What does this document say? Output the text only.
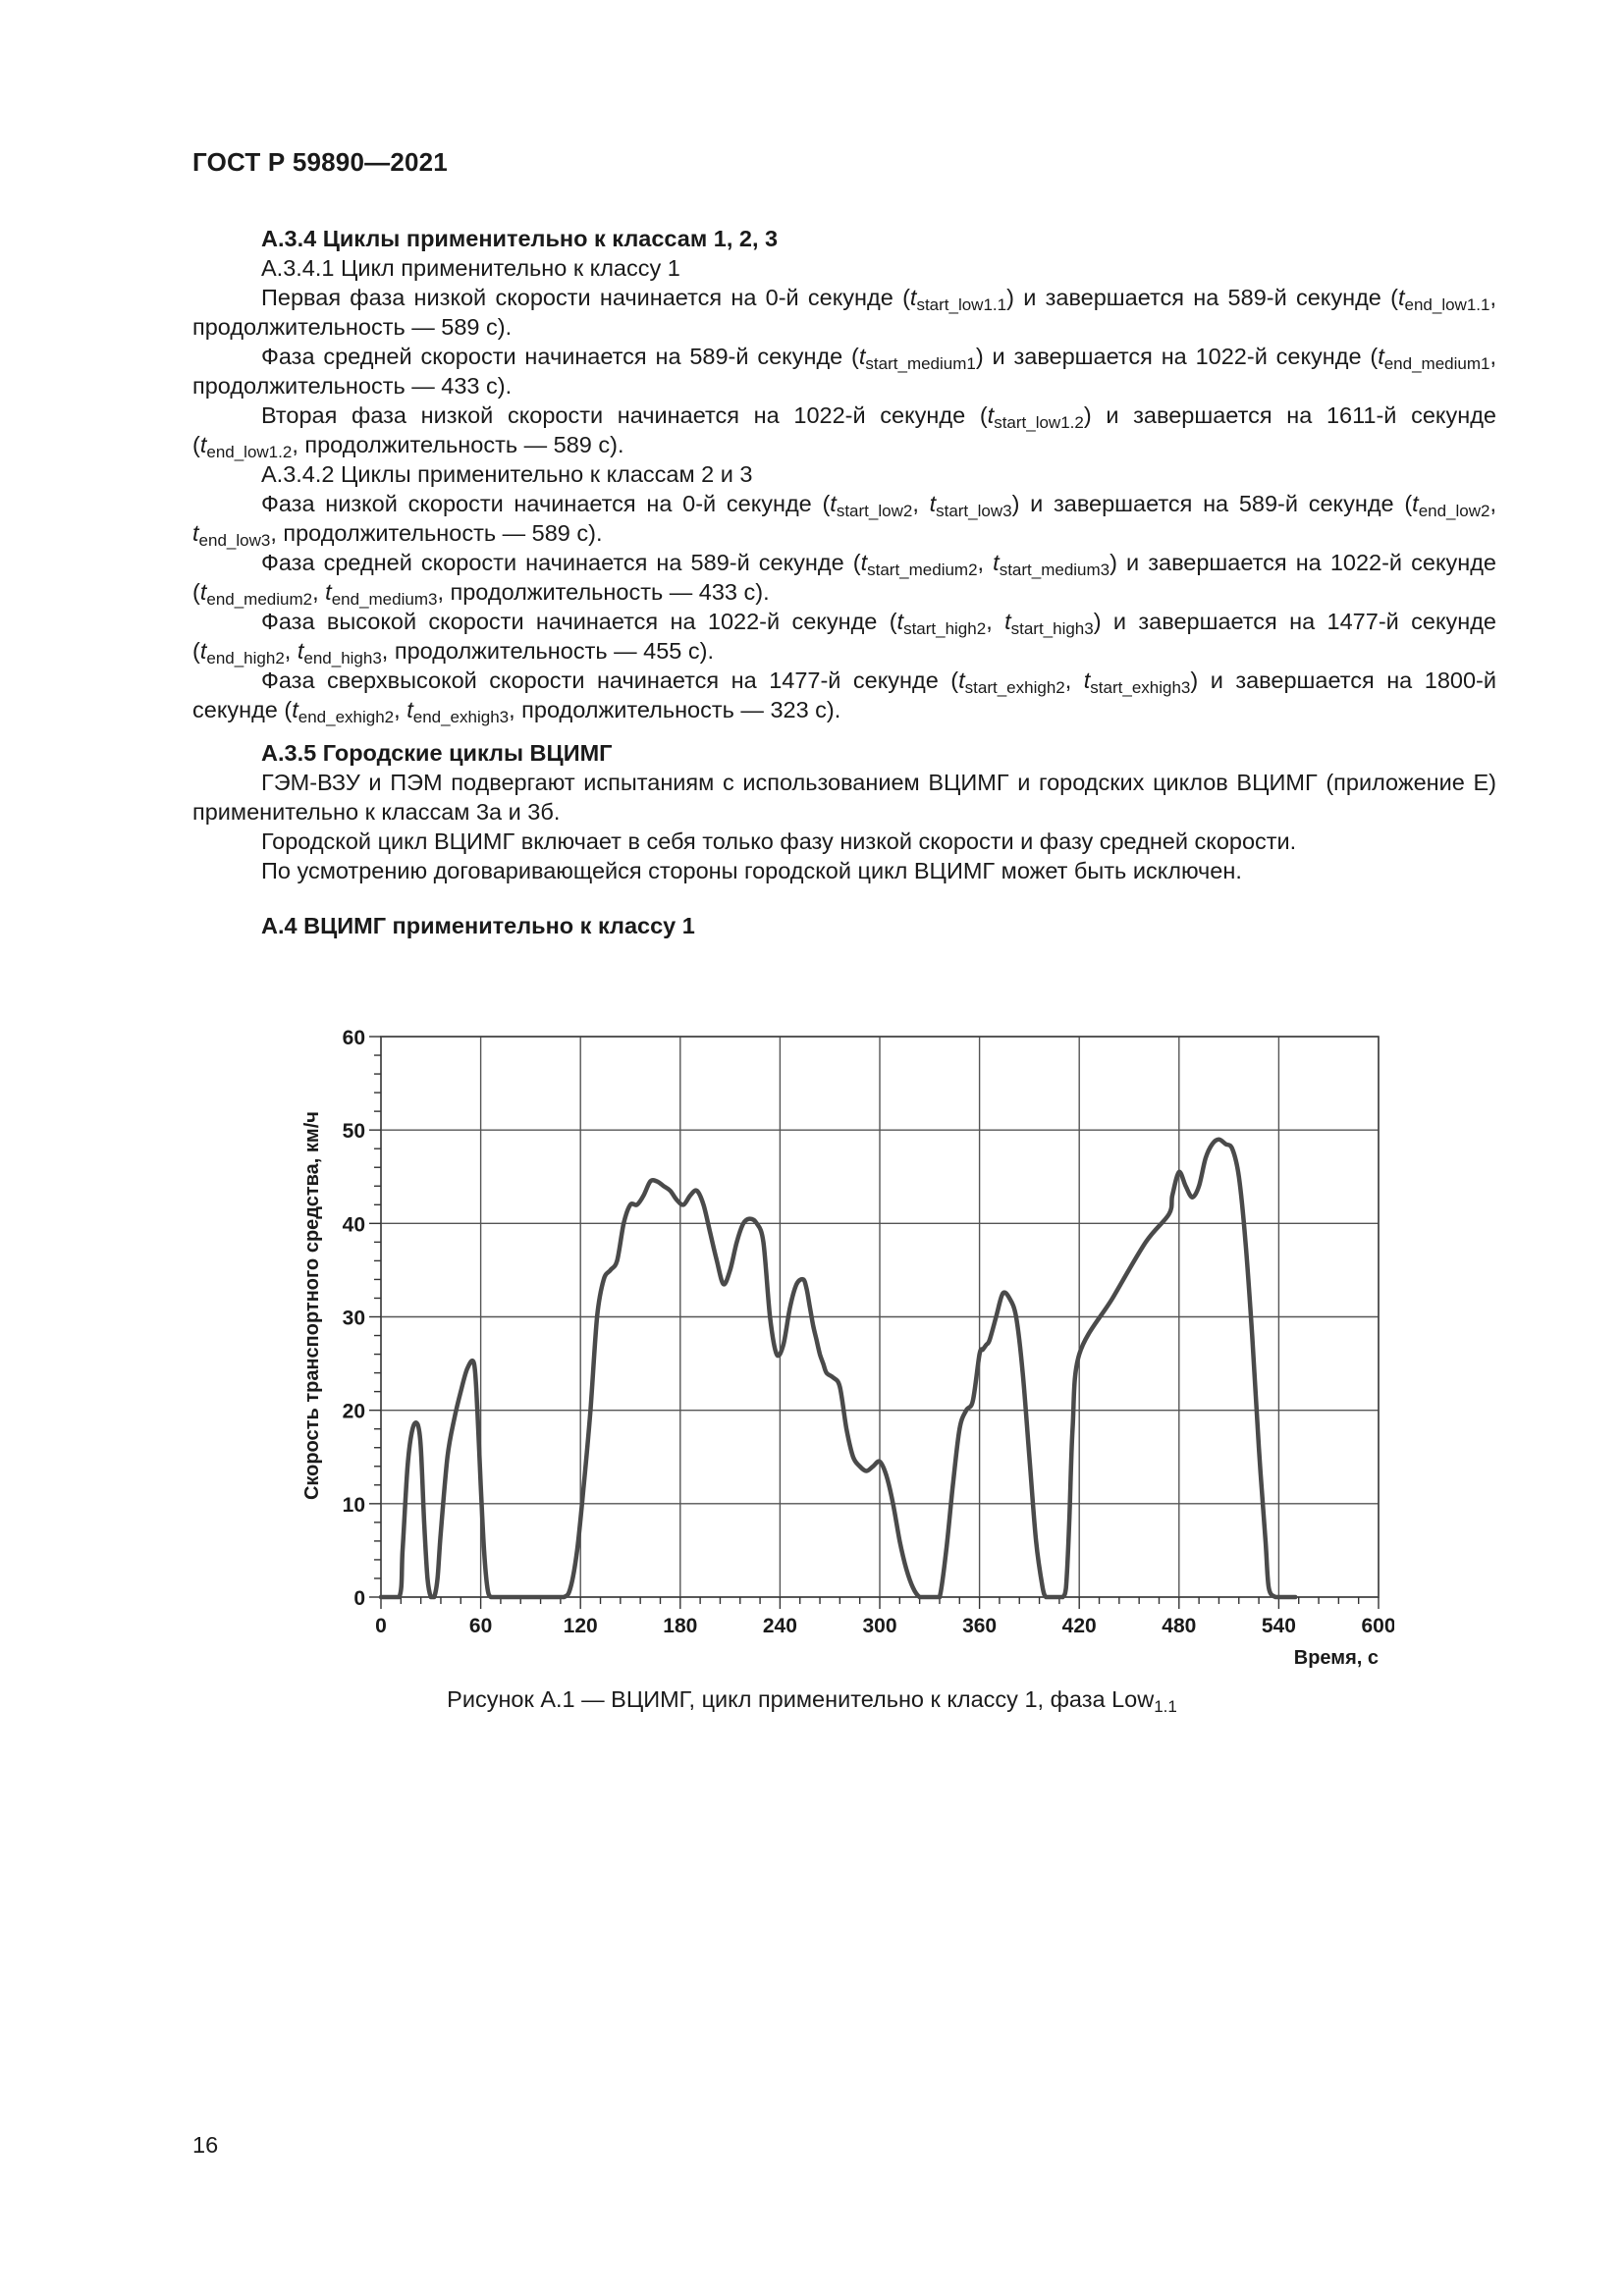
ГОСТ Р 59890—2021

А.3.4 Циклы применительно к классам 1, 2, 3

А.3.4.1 Цикл применительно к классу 1

Первая фаза низкой скорости начинается на 0-й секунде $(t_{start\_low1.1})$ и завершается на 589-й секунде ($t_{end\_low1.1}$, продолжительность — 589 с).

Фаза средней скорости начинается на 589-й секунде $(t_{start\_medium1})$ и завершается на 1022-й секунде ($t_{end\_medium1}$, продолжительность — 433 с).

Вторая фаза низкой скорости начинается на 1022-й секунде $(t_{start\_low1.2})$ и завершается на 1611-й секунде ($t_{end\_low1.2}$, продолжительность — 589 с).

А.3.4.2 Циклы применительно к классам 2 и 3

Фаза низкой скорости начинается на 0-й секунде ($t_{start\_low2}$, $t_{start\_low3}$) и завершается на 589-й секунде ($t_{end\_low2}$, $t_{end\_low3}$, продолжительность — 589 с).

Фаза средней скорости начинается на 589-й секунде ($t_{start\_medium2}$, $t_{start\_medium3}$) и завершается на 1022-й секунде ($t_{end\_medium2}$, $t_{end\_medium3}$, продолжительность — 433 с).

Фаза высокой скорости начинается на 1022-й секунде ($t_{start\_high2}$, $t_{start\_high3}$) и завершается на 1477-й секунде ($t_{end\_high2}$, $t_{end\_high3}$, продолжительность — 455 с).

Фаза сверхвысокой скорости начинается на 1477-й секунде ($t_{start\_exhigh2}$, $t_{start\_exhigh3}$) и завершается на 1800-й секунде ($t_{end\_exhigh2}$, $t_{end\_exhigh3}$, продолжительность — 323 с).

А.3.5 Городские циклы ВЦИМГ

ГЭМ-ВЗУ и ПЭМ подвергают испытаниям с использованием ВЦИМГ и городских циклов ВЦИМГ (приложение Е) применительно к классам 3а и 3б.

Городской цикл ВЦИМГ включает в себя только фазу низкой скорости и фазу средней скорости.

По усмотрению договаривающейся стороны городской цикл ВЦИМГ может быть исключен.

А.4 ВЦИМГ применительно к классу 1

0	60	120	180	240	300	360	420	480	540	600
0
10
20
30
40
50
60
Скорость транспортного средства, км/ч
Время, с
Рисунок А.1 — ВЦИМГ, цикл применительно к классу 1, фаза Low$_{1.1}$
16
